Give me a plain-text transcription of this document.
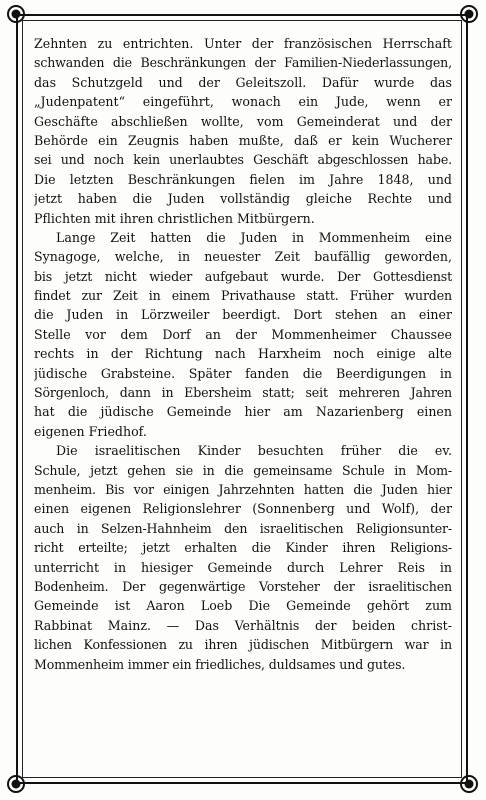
Zehnten zu entrichten. Unter der französischen Herrschaft
schwanden die Beschränkungen der Familien-Niederlassungen,
das Schutzgeld und der Geleitszoll. Dafür wurde das
„Judenpatent“ eingeführt, wonach ein Jude, wenn er
Geschäfte abschließen wollte, vom Gemeinderat und der
Behörde ein Zeugnis haben mußte, daß er kein Wucherer
sei und noch kein unerlaubtes Geschäft abgeschlossen habe.
Die letzten Beschränkungen fielen im Jahre 1848, und
jetzt haben die Juden vollständig gleiche Rechte und
Pflichten mit ihren christlichen Mitbürgern.
Lange Zeit hatten die Juden in Mommenheim eine
Synagoge, welche, in neuester Zeit baufällig geworden,
bis jetzt nicht wieder aufgebaut wurde. Der Gottesdienst
findet zur Zeit in einem Privathause statt. Früher wurden
die Juden in Lörzweiler beerdigt. Dort stehen an einer
Stelle vor dem Dorf an der Mommenheimer Chaussee
rechts in der Richtung nach Harxheim noch einige alte
jüdische Grabsteine. Später fanden die Beerdigungen in
Sörgenloch, dann in Ebersheim statt; seit mehreren Jahren
hat die jüdische Gemeinde hier am Nazarienberg einen
eigenen Friedhof.
Die israelitischen Kinder besuchten früher die ev.
Schule, jetzt gehen sie in die gemeinsame Schule in Mom-
menheim. Bis vor einigen Jahrzehnten hatten die Juden hier
einen eigenen Religionslehrer (Sonnenberg und Wolf), der
auch in Selzen-Hahnheim den israelitischen Religionsunter-
richt erteilte; jetzt erhalten die Kinder ihren Religions-
unterricht in hiesiger Gemeinde durch Lehrer Reis in
Bodenheim. Der gegenwärtige Vorsteher der israelitischen
Gemeinde ist Aaron Loeb Die Gemeinde gehört zum
Rabbinat Mainz. — Das Verhältnis der beiden christ-
lichen Konfessionen zu ihren jüdischen Mitbürgern war in
Mommenheim immer ein friedliches, duldsames und gutes.
